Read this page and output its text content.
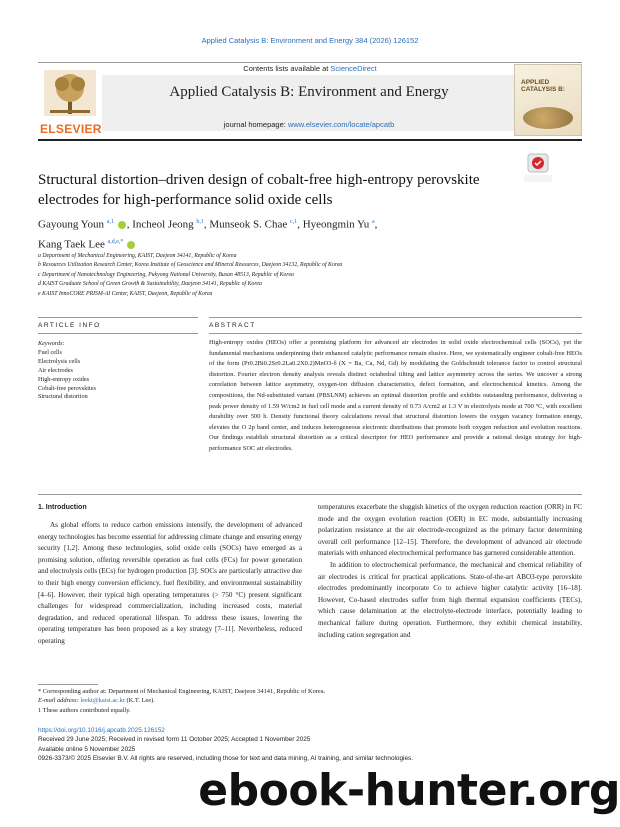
Applied Catalysis B: Environment and Energy 384 (2026) 126152
ELSEVIER
Contents lists available at ScienceDirect
Applied Catalysis B: Environment and Energy
journal homepage: www.elsevier.com/locate/apcatb
APPLIED CATALYSIS B:
Structural distortion–driven design of cobalt-free high-entropy perovskite
electrodes for high-performance solid oxide cells
Gayoung Youn $^{a,1}$ , Incheol Jeong $^{b,1}$, Munseok S. Chae $^{c,1}$, Hyeongmin Yu $^a$,
Kang Taek Lee $^{a,d,e,*}$
a Department of Mechanical Engineering, KAIST, Daejeon 34141, Republic of Korea
b Resources Utilization Research Center, Korea Institute of Geoscience and Mineral Resources, Daejeon 34132, Republic of Korea
c Department of Nanotechnology Engineering, Pukyong National University, Busan 48513, Republic of Korea
d KAIST Graduate School of Green Growth & Sustainability, Daejeon 34141, Republic of Korea
e KAIST InnoCORE PRISM-AI Center, KAIST, Daejeon, Republic of Korea
ARTICLE INFO	ABSTRACT
Keywords:
Fuel cells
Electrolysis cells
Air electrodes
High-entropy oxides
Cobalt-free perovskites
Structural distortion
High-entropy oxides (HEOs) offer a promising platform for advanced air electrodes in solid oxide electrochemical cells (SOCs), yet the fundamental mechanisms underpinning their enhanced catalytic performance remain elusive. Here, we systematically engineer cobalt-free HEOs of the form (Pr0.2Bi0.2Sr0.2La0.2X0.2)MnO3-δ (X = Ba, Ca, Nd, Gd) by modulating the Goldschmidt tolerance factor to control structural distortion. Fourier electron density analysis reveals distinct octahedral tilting and lattice asymmetry across the series. We uncover a strong correlation between lattice asymmetry, oxygen-ion diffusion characteristics, defect formation, and electrochemical kinetics. Among the compositions, the Nd-substituted variant (PBSLNM) achieves an optimal distortion profile and exhibits outstanding performance, delivering a peak power density of 1.59 W/cm2 in fuel cell mode and a current density of 0.73 A/cm2 at 1.3 V in electrolysis mode at 700 °C, with excellent durability over 500 h. Density functional theory calculations reveal that structural distortion lowers the oxygen vacancy formation energy, elevates the O 2p band center, and induces heterogeneous electronic distributions that promote both oxygen reduction and evolution reactions. Our findings establish structural distortion as a critical descriptor for HEO performance and provide a rational design strategy for high-performance SOC air electrodes.
1. Introduction

As global efforts to reduce carbon emissions intensify, the development of advanced energy technologies has become essential for addressing climate change and ensuring energy security [1,2]. Among these technologies, solid oxide cells (SOCs) have emerged as a promising solution, offering reversible operation as fuel cells (FCs) for power generation and electrolysis cells (ECs) for hydrogen production [3]. SOCs are particularly attractive due to their high energy conversion efficiency, fuel flexibility, and environmental sustainability [4–6]. However, their typical high operating temperatures (> 750 °C) present significant challenges for widespread commercialization, including increased costs, material degradation, and reduced operational lifespan. To address these issues, lowering the operating temperature has been proposed as a key strategy [7–11]. Nevertheless, reduced operating

temperatures exacerbate the sluggish kinetics of the oxygen reduction reaction (ORR) in FC mode and the oxygen evolution reaction (OER) in EC mode, substantially increasing polarization resistance at the air electrode-recognized as the primary factor determining overall cell performance [12–15]. Therefore, the development of advanced air electrode materials with enhanced electrochemical performance has garnered considerable attention.

In addition to electrochemical performance, the mechanical and chemical reliability of air electrodes is critical for practical applications. State-of-the-art ABO3-type perovskite electrodes predominantly incorporate Co to achieve higher catalytic activity [16–18]. However, Co-based electrodes suffer from high thermal expansion coefficients (TECs), which cause delamination at the electrolyte-electrode interface, potentially leading to mechanical failure during operation. Furthermore, they exhibit chemical instability, including cation segregation and

* Corresponding author at: Department of Mechanical Engineering, KAIST, Daejeon 34141, Republic of Korea.
E-mail address: leekt@kaist.ac.kr (K.T. Lee).
1 These authors contributed equally.
https://doi.org/10.1016/j.apcatb.2025.126152
Received 29 June 2025; Received in revised form 11 October 2025; Accepted 1 November 2025
Available online 5 November 2025
0926-3373/© 2025 Elsevier B.V. All rights are reserved, including those for text and data mining, AI training, and similar technologies.
ebook-hunter.org
